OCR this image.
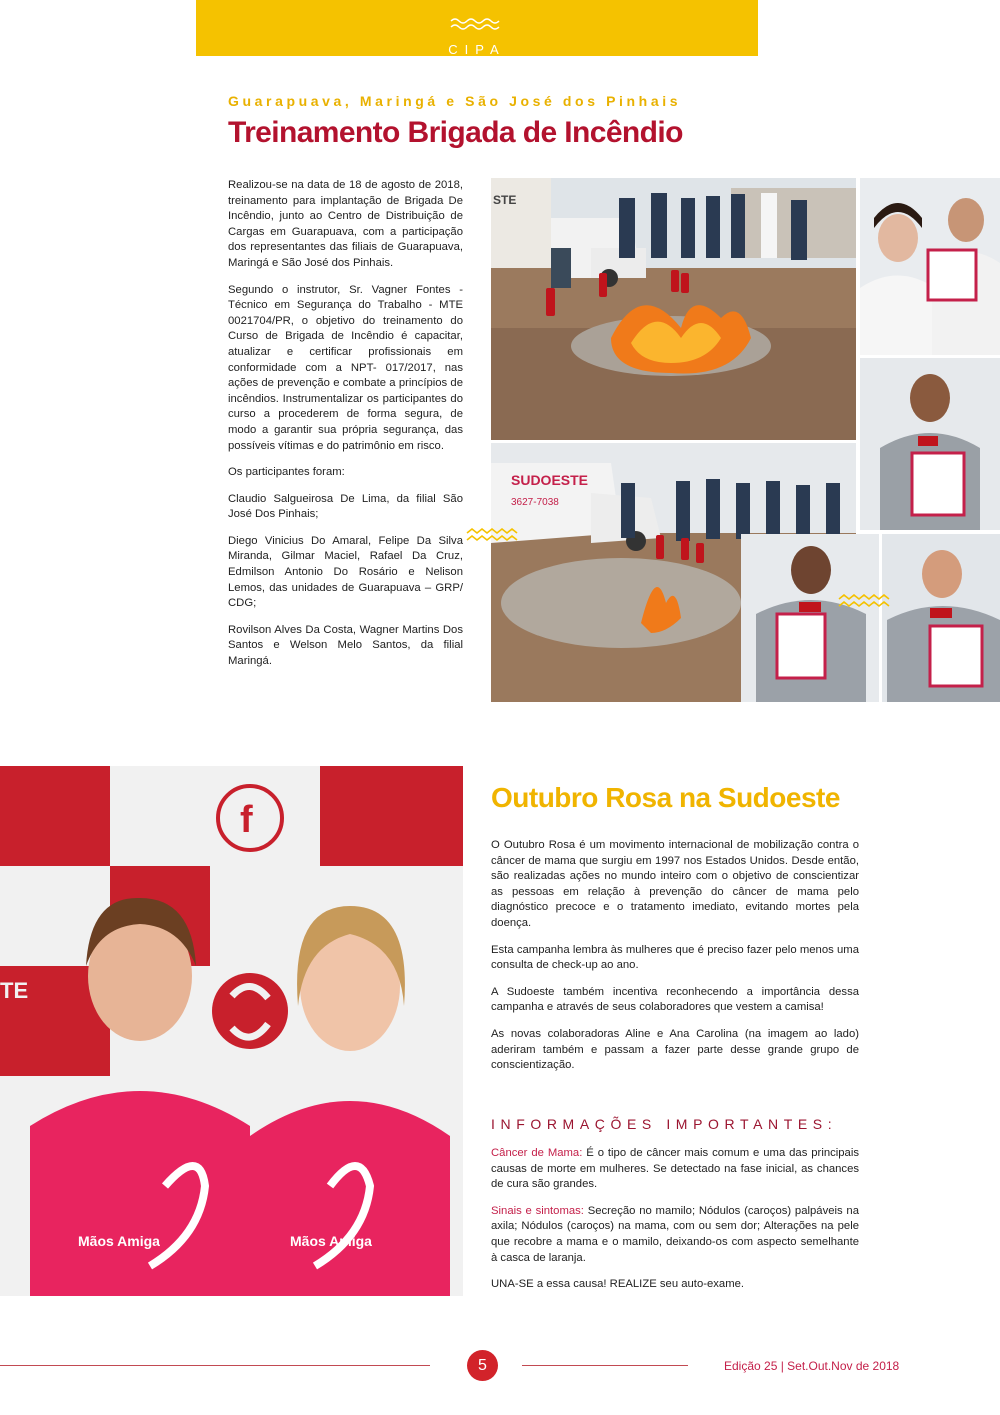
CIPA
Guarapuava, Maringá e São José dos Pinhais
Treinamento Brigada de Incêndio

Realizou-se na data de 18 de agosto de 2018, treinamento para implantação de Brigada De Incêndio, junto ao Centro de Distribuição de Cargas em Guarapuava, com a participação dos representantes das filiais de Guarapuava, Maringá e São José dos Pinhais.

Segundo o instrutor, Sr. Vagner Fontes - Técnico em Segurança do Trabalho - MTE 0021704/PR, o objetivo do treinamento do Curso de Brigada de Incêndio é capacitar, atualizar e certificar profissionais em conformidade com a NPT- 017/2017, nas ações de prevenção e combate a princípios de incêndios. Instrumentalizar os participantes do curso a procederem de forma segura, de modo a garantir sua própria segurança, das possíveis vítimas e do patrimônio em risco.

Os participantes foram:

Claudio Salgueirosa De Lima, da filial São José Dos Pinhais;

Diego Vinicius Do Amaral, Felipe Da Silva Miranda, Gilmar Maciel, Rafael Da Cruz, Edmilson Antonio Do Rosário e Nelison Lemos, das unidades de Guarapuava – GRP/ CDG;

Rovilson Alves Da Costa, Wagner Martins Dos Santos e Welson Melo Santos, da filial Maringá.

STE
SUDOESTE
3627-7038
f
TE
Mãos Amiga	Mãos Amiga
Outubro Rosa na Sudoeste

O Outubro Rosa é um movimento internacional de mobilização contra o câncer de mama que surgiu em 1997 nos Estados Unidos. Desde então, são realizadas ações no mundo inteiro com o objetivo de conscientizar as pessoas em relação à prevenção do câncer de mama pelo diagnóstico precoce e o tratamento imediato, evitando mortes pela doença.

Esta campanha lembra às mulheres que é preciso fazer pelo menos uma consulta de check-up ao ano.

A Sudoeste também incentiva reconhecendo a importância dessa campanha e através de seus colaboradores que vestem a camisa!

As novas colaboradoras Aline e Ana Carolina (na imagem ao lado) aderiram também e passam a fazer parte desse grande grupo de conscientização.

INFORMAÇÕES IMPORTANTES:

Câncer de Mama: É o tipo de câncer mais comum e uma das principais causas de morte em mulheres. Se detectado na fase inicial, as chances de cura são grandes.

Sinais e sintomas: Secreção no mamilo; Nódulos (caroços) palpáveis na axila; Nódulos (caroços) na mama, com ou sem dor; Alterações na pele que recobre a mama e o mamilo, deixando-os com aspecto semelhante à casca de laranja.

UNA-SE a essa causa! REALIZE seu auto-exame.

5	Edição 25 | Set.Out.Nov de 2018
